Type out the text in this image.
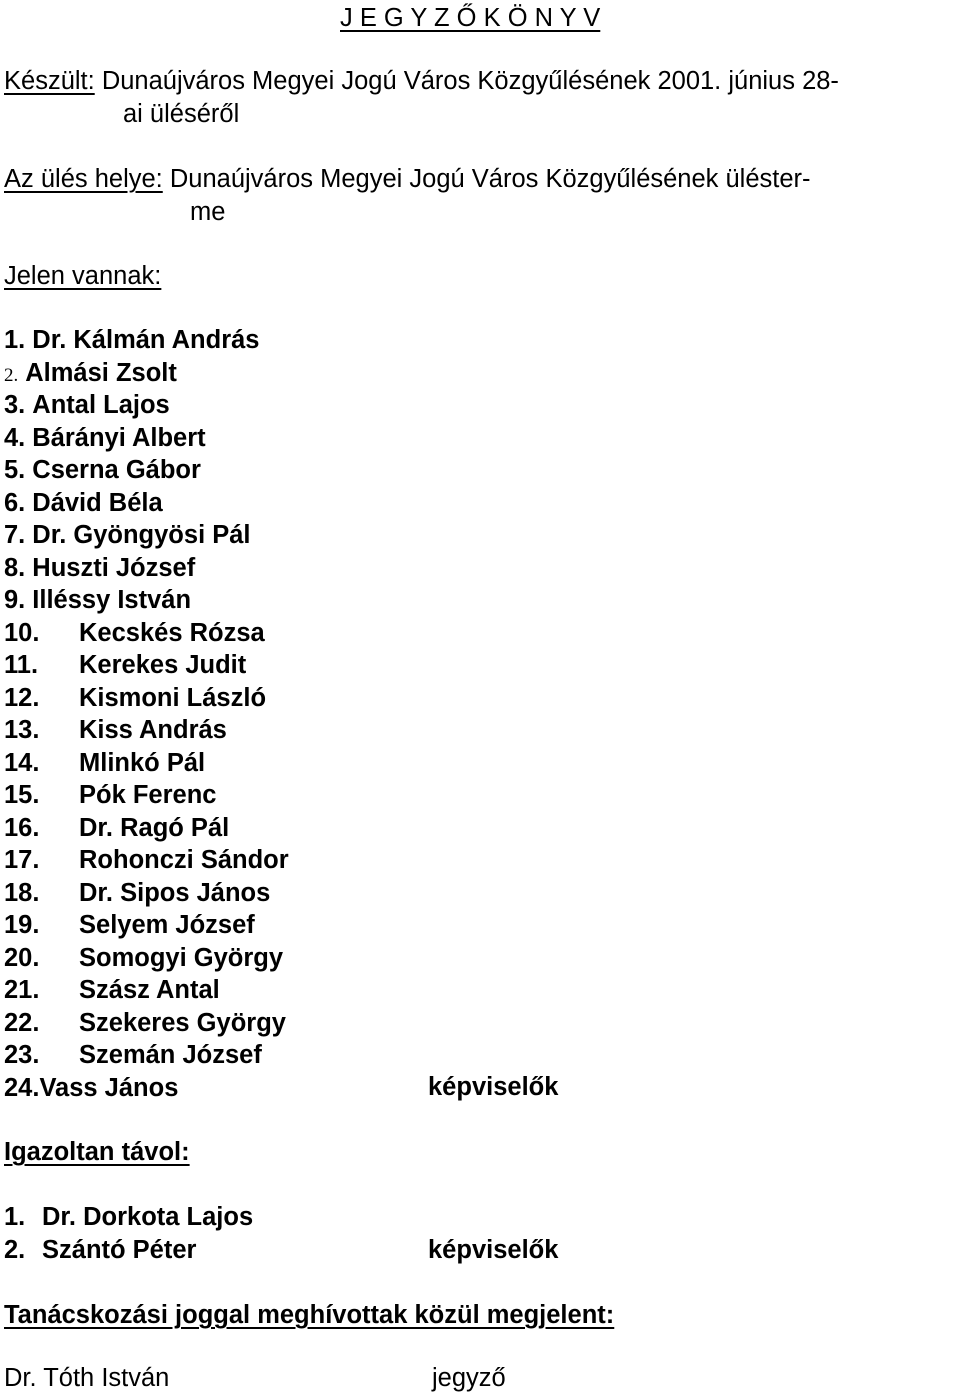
J E G Y Z Ő K Ö N Y V
Készült: Dunaújváros Megyei Jogú Város Közgyűlésének 2001. június 28-
ai üléséről
Az ülés helye: Dunaújváros Megyei Jogú Város Közgyűlésének üléster-
me
Jelen vannak:
1. Dr. Kálmán András
2. Almási Zsolt
3. Antal Lajos
4. Bárányi Albert
5. Cserna Gábor
6. Dávid Béla
7. Dr. Gyöngyösi Pál
8. Huszti József
9. Illéssy István
10. Kecskés Rózsa
11. Kerekes Judit
12. Kismoni László
13. Kiss András
14. Mlinkó Pál
15. Pók Ferenc
16. Dr. Ragó Pál
17. Rohonczi Sándor
18. Dr. Sipos János
19. Selyem József
20. Somogyi György
21. Szász Antal
22. Szekeres György
23. Szemán József
24.Vass János	képviselők
Igazoltan távol:
1. Dr. Dorkota Lajos
2. Szántó Péter	képviselők
Tanácskozási joggal meghívottak közül megjelent:
Dr. Tóth István	jegyző
